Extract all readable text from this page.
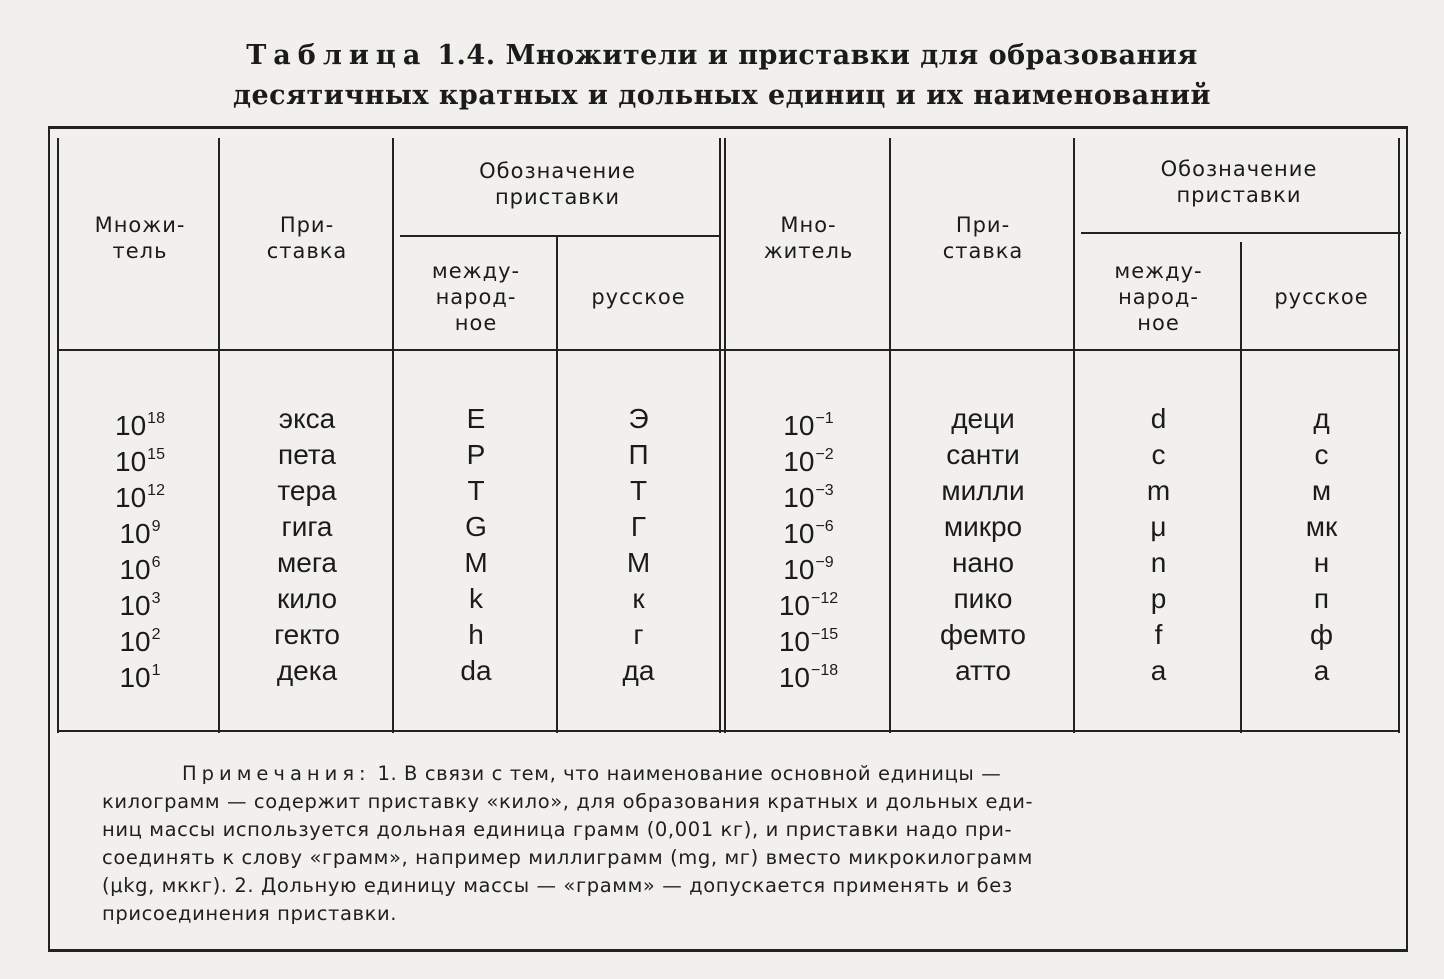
Таблица 1.4. Множители и приставки для образования
десятичных кратных и дольных единиц и их наименований
Множи-
тель
При-
ставка
Обозначение
приставки
между-
народ-
ное
русское
Мно-
житель
При-
ставка
Обозначение
приставки
между-
народ-
ное
русское
$10^{18}$
$10^{15}$
$10^{12}$
$10^9$
$10^6$
$10^3$
$10^2$
$10^1$
экса
пета
тера
гига
мега
кило
гекто
дека
E
P
T
G
M
k
h
da
Э
П
Т
Г
М
к
г
да
$10^{-1}$
$10^{-2}$
$10^{-3}$
$10^{-6}$
$10^{-9}$
$10^{-12}$
$10^{-15}$
$10^{-18}$
деци
санти
милли
микро
нано
пико
фемто
атто
d
c
m
μ
n
p
f
a
д
с
м
мк
н
п
ф
а
Примечания: 1. В связи с тем, что наименование основной единицы —
килограмм — содержит приставку «кило», для образования кратных и дольных еди-
ниц массы используется дольная единица грамм (0,001 кг), и приставки надо при-
соединять к слову «грамм», например миллиграмм (mg, мг) вместо микрокилограмм
(μkg, мккг). 2. Дольную единицу массы — «грамм» — допускается применять и без
присоединения приставки.
